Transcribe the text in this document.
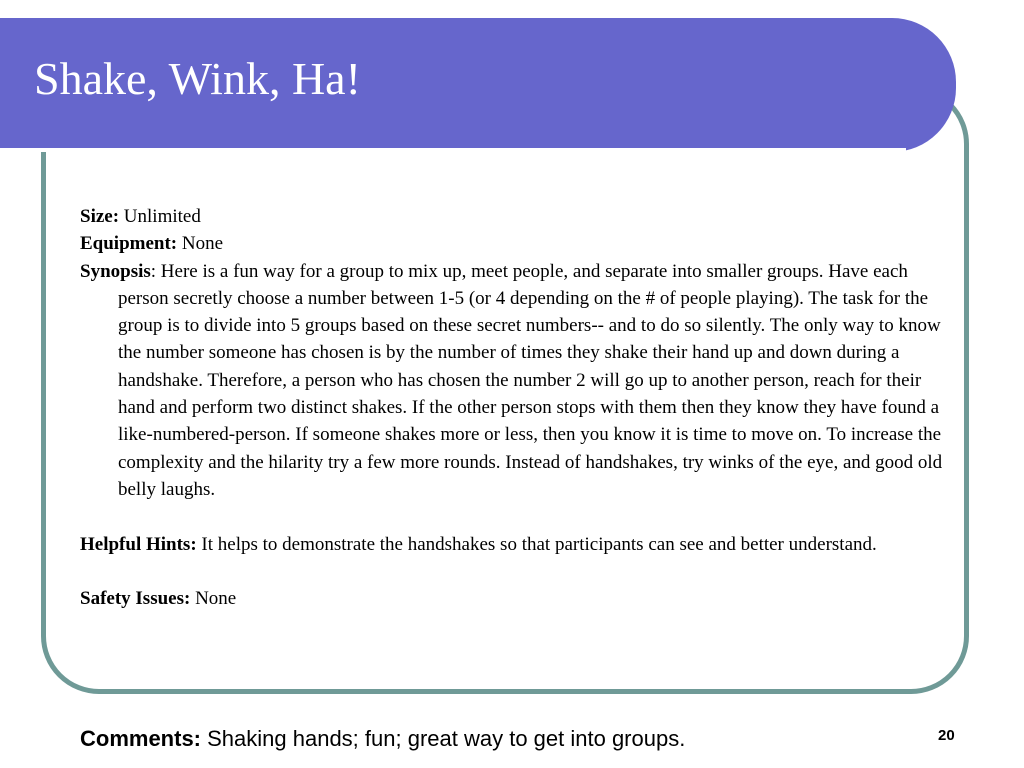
Shake, Wink, Ha!

Size: Unlimited

Equipment: None

Synopsis: Here is a fun way for a group to mix up, meet people, and separate into smaller groups. Have each person secretly choose a number between 1-5 (or 4 depending on the # of people playing). The task for the group is to divide into 5 groups based on these secret numbers-- and to do so silently. The only way to know the number someone has chosen is by the number of times they shake their hand up and down during a handshake. Therefore, a person who has chosen the number 2 will go up to another person, reach for their hand and perform two distinct shakes. If the other person stops with them then they know they have found a like-numbered-person. If someone shakes more or less, then you know it is time to move on. To increase the complexity and the hilarity try a few more rounds. Instead of handshakes, try winks of the eye, and good old belly laughs.

Helpful Hints: It helps to demonstrate the handshakes so that participants can see and better understand.

Safety Issues: None

Comments: Shaking hands; fun; great way to get into groups.	20
